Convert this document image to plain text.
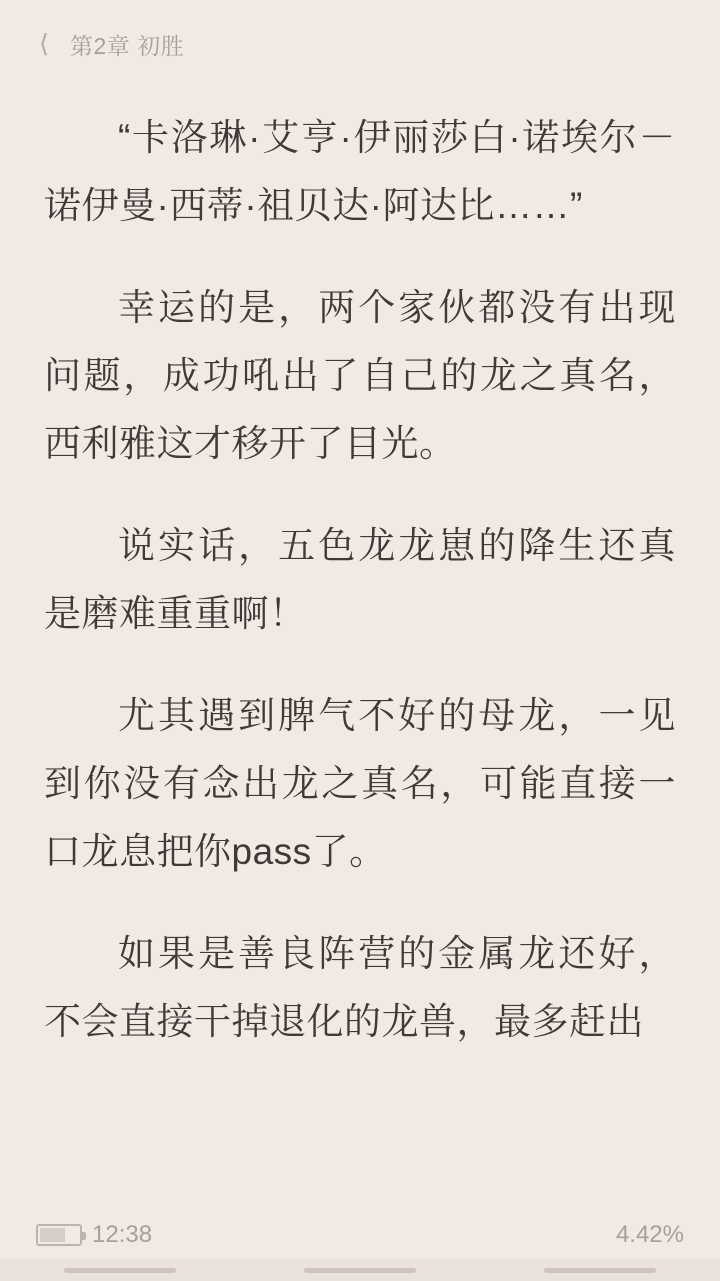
⟨ 第2章 初胜

“卡洛琳·艾亨·伊丽莎白·诺埃尔－诺伊曼·西蒂·祖贝达·阿达比……”

幸运的是，两个家伙都没有出现问题，成功吼出了自己的龙之真名，西利雅这才移开了目光。

说实话，五色龙龙崽的降生还真是磨难重重啊！

尤其遇到脾气不好的母龙，一见到你没有念出龙之真名，可能直接一口龙息把你pass了。

如果是善良阵营的金属龙还好，不会直接干掉退化的龙兽，最多赶出

12:38	4.42%
